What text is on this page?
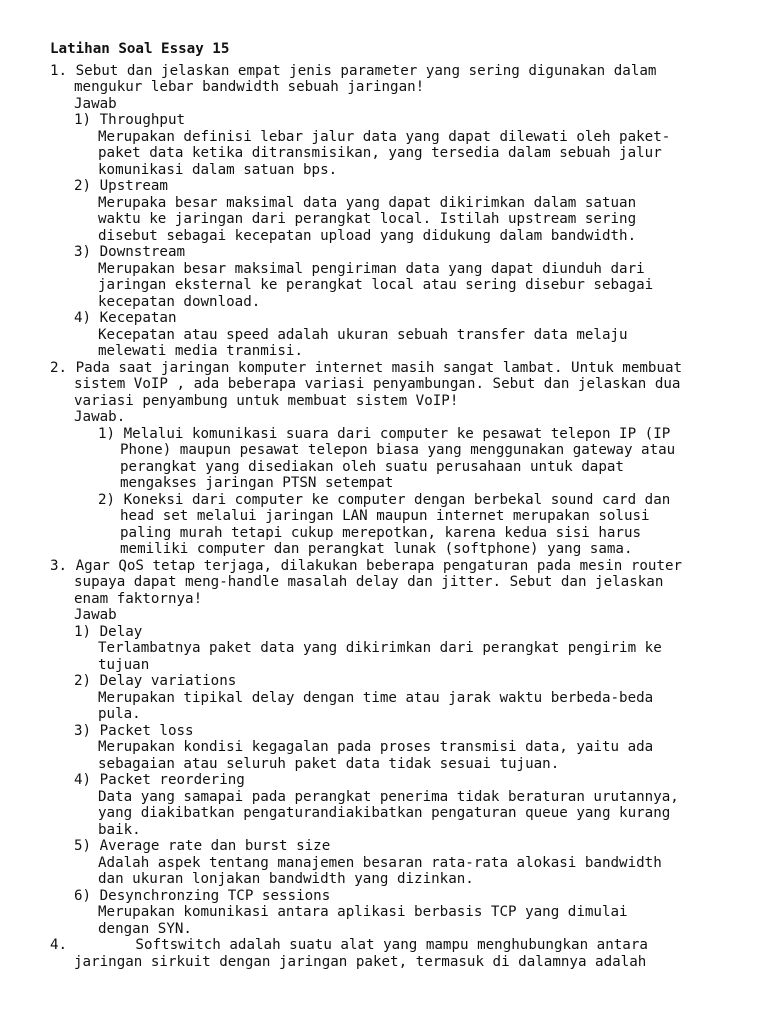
Latihan Soal Essay 15
1. Sebut dan jelaskan empat jenis parameter yang sering digunakan dalam
mengukur lebar bandwidth sebuah jaringan!
Jawab
1) Throughput
Merupakan definisi lebar jalur data yang dapat dilewati oleh paket-
paket data ketika ditransmisikan, yang tersedia dalam sebuah jalur
komunikasi dalam satuan bps.
2) Upstream
Merupaka besar maksimal data yang dapat dikirimkan dalam satuan
waktu ke jaringan dari perangkat local. Istilah upstream sering
disebut sebagai kecepatan upload yang didukung dalam bandwidth.
3) Downstream
Merupakan besar maksimal pengiriman data yang dapat diunduh dari
jaringan eksternal ke perangkat local atau sering disebur sebagai
kecepatan download.
4) Kecepatan
Kecepatan atau speed adalah ukuran sebuah transfer data melaju
melewati media tranmisi.
2. Pada saat jaringan komputer internet masih sangat lambat. Untuk membuat
sistem VoIP , ada beberapa variasi penyambungan. Sebut dan jelaskan dua
variasi penyambung untuk membuat sistem VoIP!
Jawab.
1) Melalui komunikasi suara dari computer ke pesawat telepon IP (IP
Phone) maupun pesawat telepon biasa yang menggunakan gateway atau
perangkat yang disediakan oleh suatu perusahaan untuk dapat
mengakses jaringan PTSN setempat
2) Koneksi dari computer ke computer dengan berbekal sound card dan
head set melalui jaringan LAN maupun internet merupakan solusi
paling murah tetapi cukup merepotkan, karena kedua sisi harus
memiliki computer dan perangkat lunak (softphone) yang sama.
3. Agar QoS tetap terjaga, dilakukan beberapa pengaturan pada mesin router
supaya dapat meng-handle masalah delay dan jitter. Sebut dan jelaskan
enam faktornya!
Jawab
1) Delay
Terlambatnya paket data yang dikirimkan dari perangkat pengirim ke
tujuan
2) Delay variations
Merupakan tipikal delay dengan time atau jarak waktu berbeda-beda
pula.
3) Packet loss
Merupakan kondisi kegagalan pada proses transmisi data, yaitu ada
sebagaian atau seluruh paket data tidak sesuai tujuan.
4) Packet reordering
Data yang samapai pada perangkat penerima tidak beraturan urutannya,
yang diakibatkan pengaturandiakibatkan pengaturan queue yang kurang
baik.
5) Average rate dan burst size
Adalah aspek tentang manajemen besaran rata-rata alokasi bandwidth
dan ukuran lonjakan bandwidth yang dizinkan.
6) Desynchronzing TCP sessions
Merupakan komunikasi antara aplikasi berbasis TCP yang dimulai
dengan SYN.
4.        Softswitch adalah suatu alat yang mampu menghubungkan antara
jaringan sirkuit dengan jaringan paket, termasuk di dalamnya adalah
